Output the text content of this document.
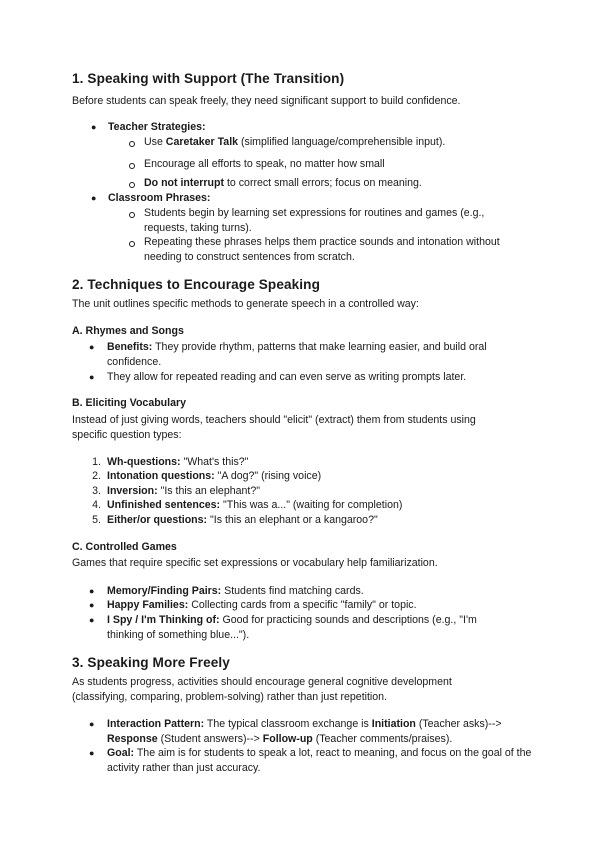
1. Speaking with Support (The Transition)
Before students can speak freely, they need significant support to build confidence.
● Teacher Strategies:
Use Caretaker Talk (simplified language/comprehensible input).
Encourage all efforts to speak, no matter how small
Do not interrupt to correct small errors; focus on meaning.
● Classroom Phrases:
Students begin by learning set expressions for routines and games (e.g., requests, taking turns).
Repeating these phrases helps them practice sounds and intonation without needing to construct sentences from scratch.
2. Techniques to Encourage Speaking
The unit outlines specific methods to generate speech in a controlled way:
A. Rhymes and Songs
● Benefits: They provide rhythm, patterns that make learning easier, and build oral confidence.
● They allow for repeated reading and can even serve as writing prompts later.
B. Eliciting Vocabulary
Instead of just giving words, teachers should "elicit" (extract) them from students using specific question types:
1. Wh-questions: "What's this?"
2. Intonation questions: "A dog?" (rising voice)
3. Inversion: "Is this an elephant?"
4. Unfinished sentences: "This was a..." (waiting for completion)
5. Either/or questions: "Is this an elephant or a kangaroo?"
C. Controlled Games
Games that require specific set expressions or vocabulary help familiarization.
● Memory/Finding Pairs: Students find matching cards.
● Happy Families: Collecting cards from a specific "family" or topic.
● I Spy / I'm Thinking of: Good for practicing sounds and descriptions (e.g., "I'm thinking of something blue...").
3. Speaking More Freely
As students progress, activities should encourage general cognitive development (classifying, comparing, problem-solving) rather than just repetition.
● Interaction Pattern: The typical classroom exchange is Initiation (Teacher asks)--> Response (Student answers)--> Follow-up (Teacher comments/praises).
● Goal: The aim is for students to speak a lot, react to meaning, and focus on the goal of the activity rather than just accuracy.
